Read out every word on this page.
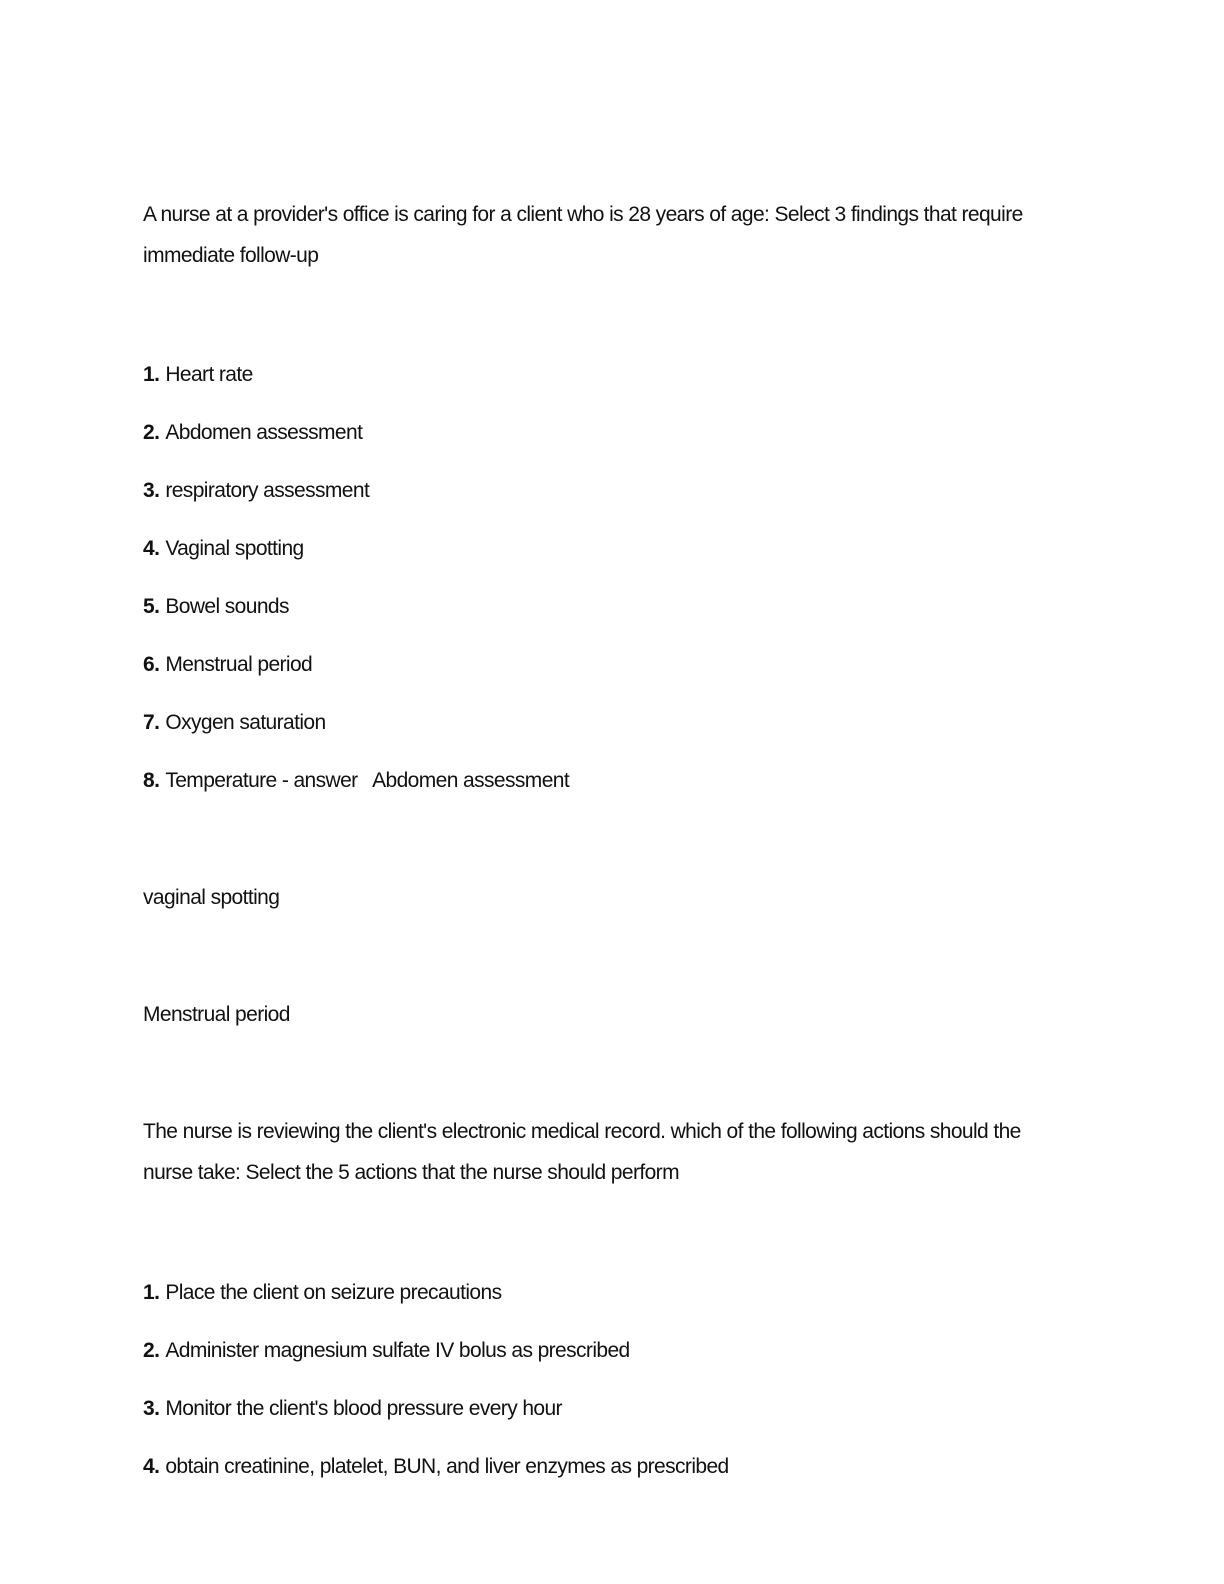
A nurse at a provider's office is caring for a client who is 28 years of age: Select 3 findings that require immediate follow-up

1. Heart rate
2. Abdomen assessment
3. respiratory assessment
4. Vaginal spotting
5. Bowel sounds
6. Menstrual period
7. Oxygen saturation
8. Temperature - answer   Abdomen assessment

vaginal spotting

Menstrual period

The nurse is reviewing the client's electronic medical record. which of the following actions should the nurse take: Select the 5 actions that the nurse should perform

1. Place the client on seizure precautions
2. Administer magnesium sulfate IV bolus as prescribed
3. Monitor the client's blood pressure every hour
4. obtain creatinine, platelet, BUN, and liver enzymes as prescribed
